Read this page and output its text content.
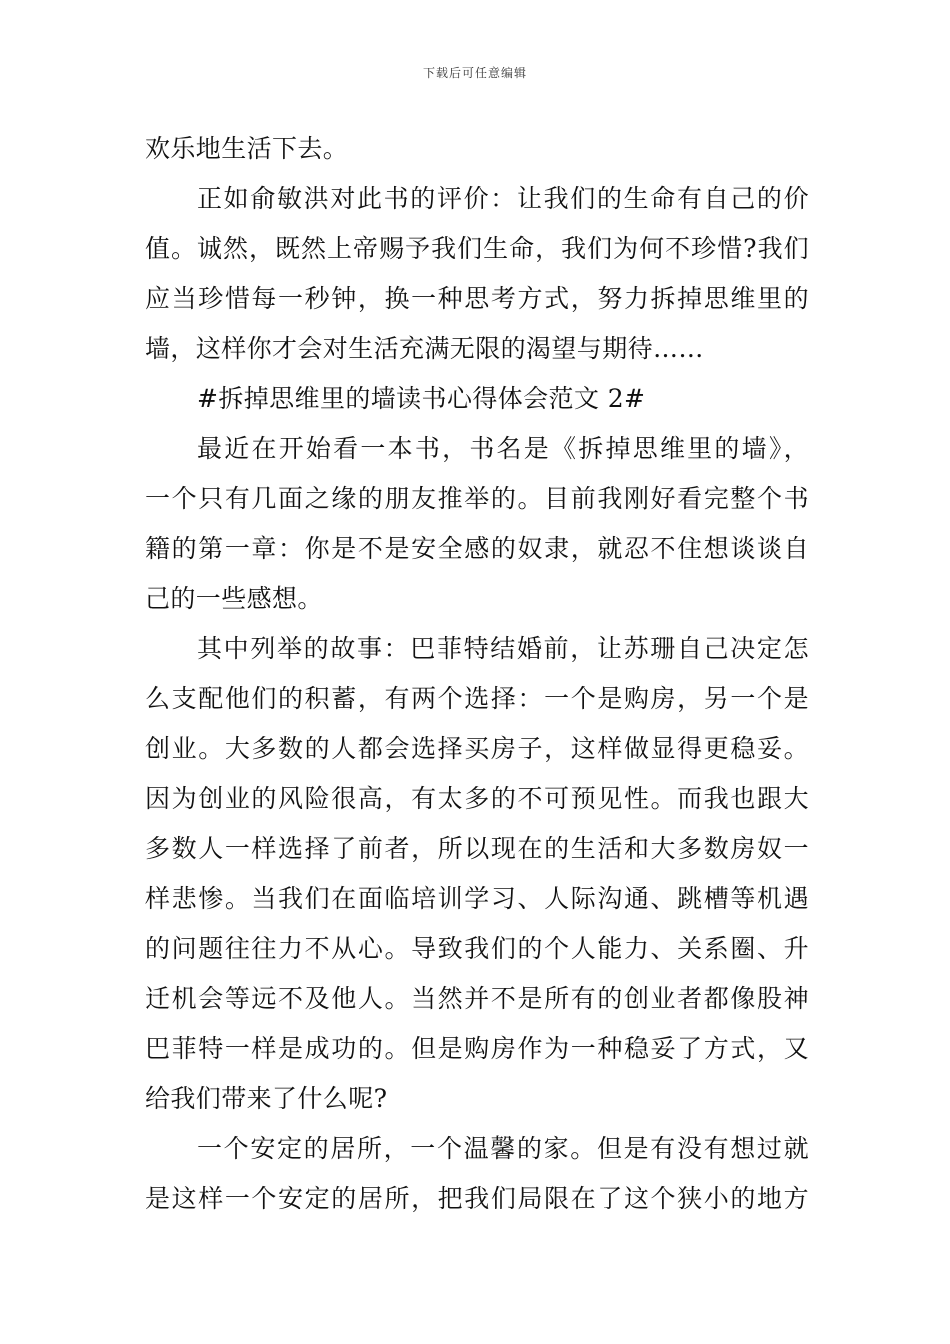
下载后可任意编辑
欢乐地生活下去。
正如俞敏洪对此书的评价：让我们的生命有自己的价
值。诚然，既然上帝赐予我们生命，我们为何不珍惜?我们
应当珍惜每一秒钟，换一种思考方式，努力拆掉思维里的
墙，这样你才会对生活充满无限的渴望与期待……
#拆掉思维里的墙读书心得体会范文 2#
最近在开始看一本书，书名是《拆掉思维里的墙》，
一个只有几面之缘的朋友推举的。目前我刚好看完整个书
籍的第一章：你是不是安全感的奴隶，就忍不住想谈谈自
己的一些感想。
其中列举的故事：巴菲特结婚前，让苏珊自己决定怎
么支配他们的积蓄，有两个选择：一个是购房，另一个是
创业。大多数的人都会选择买房子，这样做显得更稳妥。
因为创业的风险很高，有太多的不可预见性。而我也跟大
多数人一样选择了前者，所以现在的生活和大多数房奴一
样悲惨。当我们在面临培训学习、人际沟通、跳槽等机遇
的问题往往力不从心。导致我们的个人能力、关系圈、升
迁机会等远不及他人。当然并不是所有的创业者都像股神
巴菲特一样是成功的。但是购房作为一种稳妥了方式，又
给我们带来了什么呢?
一个安定的居所，一个温馨的家。但是有没有想过就
是这样一个安定的居所，把我们局限在了这个狭小的地方
